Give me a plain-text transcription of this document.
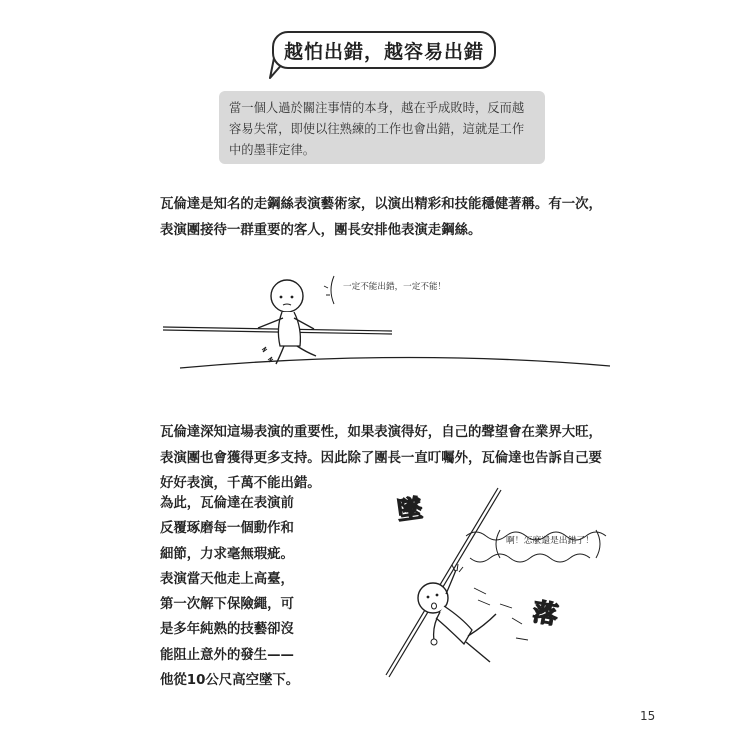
越怕出錯，越容易出錯
當一個人過於關注事情的本身，越在乎成敗時，反而越容易失常，即使以往熟練的工作也會出錯，這就是工作中的墨菲定律。

瓦倫達是知名的走鋼絲表演藝術家，以演出精彩和技能穩健著稱。有一次，表演團接待一群重要的客人，團長安排他表演走鋼絲。

一定不能出錯，一定不能！

瓦倫達深知這場表演的重要性，如果表演得好，自己的聲望會在業界大旺，表演團也會獲得更多支持。因此除了團長一直叮囑外，瓦倫達也告訴自己要好好表演，千萬不能出錯。

為此，瓦倫達在表演前
反覆琢磨每一個動作和
細節，力求毫無瑕疵。
表演當天他走上高臺，
第一次解下保險繩，可
是多年純熟的技藝卻沒
能阻止意外的發生——
他從10公尺高空墜下。

墜
落
啊！怎麼還是出錯了！
15
